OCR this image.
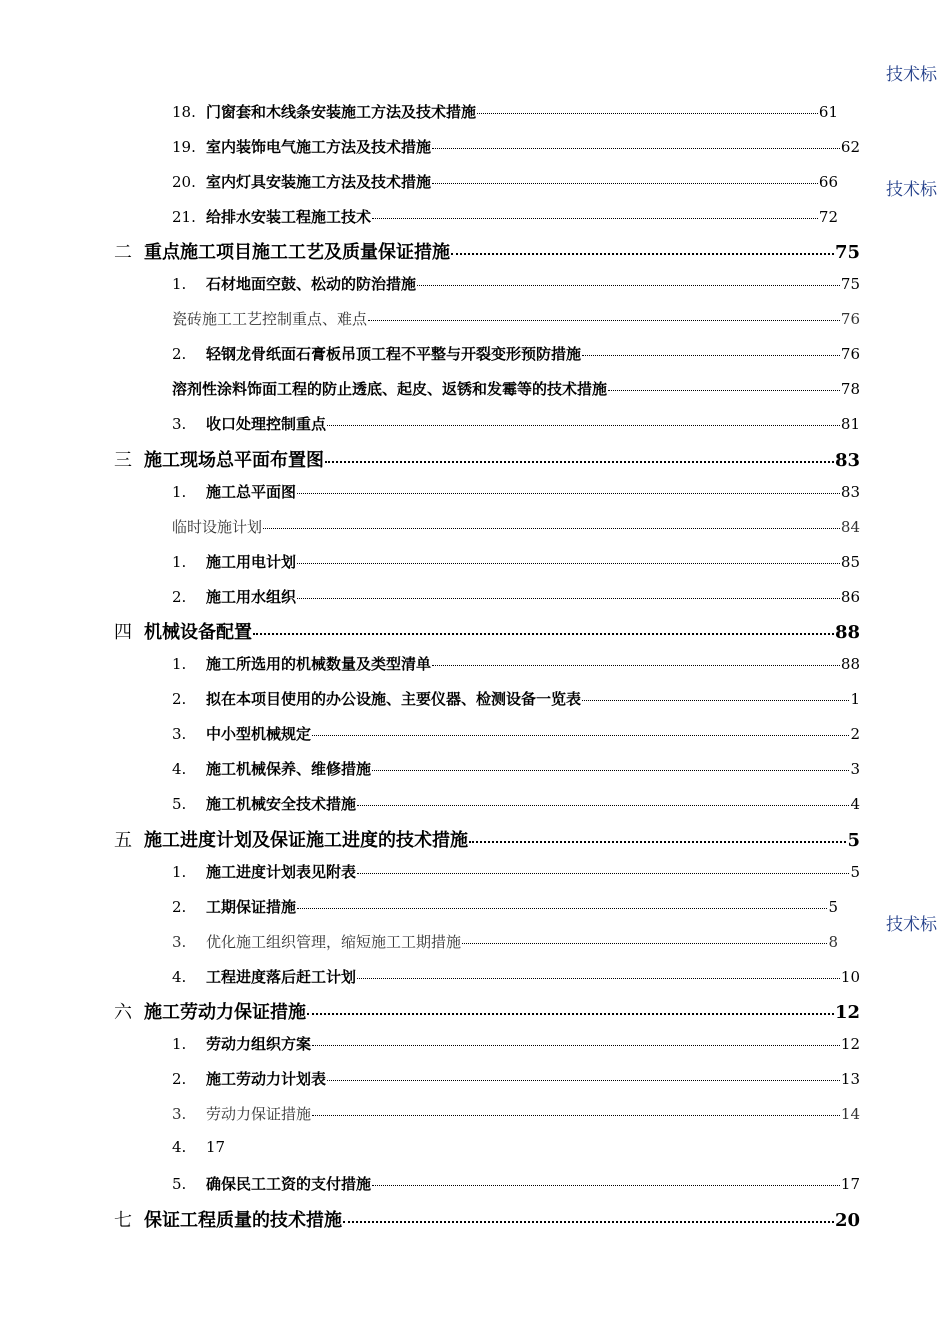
技术标
技术标
技术标
18. 门窗套和木线条安装施工方法及技术措施	61
19. 室内装饰电气施工方法及技术措施	62
20. 室内灯具安装施工方法及技术措施	66
21. 给排水安装工程施工技术	72
二 重点施工项目施工工艺及质量保证措施	75
1.	石材地面空鼓、松动的防治措施	75
瓷砖施工工艺控制重点、难点	76
2.	轻钢龙骨纸面石膏板吊顶工程不平整与开裂变形预防措施	76
溶剂性涂料饰面工程的防止透底、起皮、返锈和发霉等的技术措施	78
3.	收口处理控制重点	81
三 施工现场总平面布置图	83
1.	施工总平面图	83
临时设施计划	84
1.	施工用电计划	85
2.	施工用水组织	86
四 机械设备配置	88
1.	施工所选用的机械数量及类型清单	88
2.	拟在本项目使用的办公设施、主要仪器、检测设备一览表	1
3.	中小型机械规定	2
4.	施工机械保养、维修措施	3
5.	施工机械安全技术措施	4
五 施工进度计划及保证施工进度的技术措施	5
1.	施工进度计划表见附表	5
2.	工期保证措施	5
3.	优化施工组织管理，缩短施工工期措施	8
4.	工程进度落后赶工计划	10
六 施工劳动力保证措施	12
1.	劳动力组织方案	12
2.	施工劳动力计划表	13
3.	劳动力保证措施	14
4.	17
5.	确保民工工资的支付措施	17
七 保证工程质量的技术措施	20
